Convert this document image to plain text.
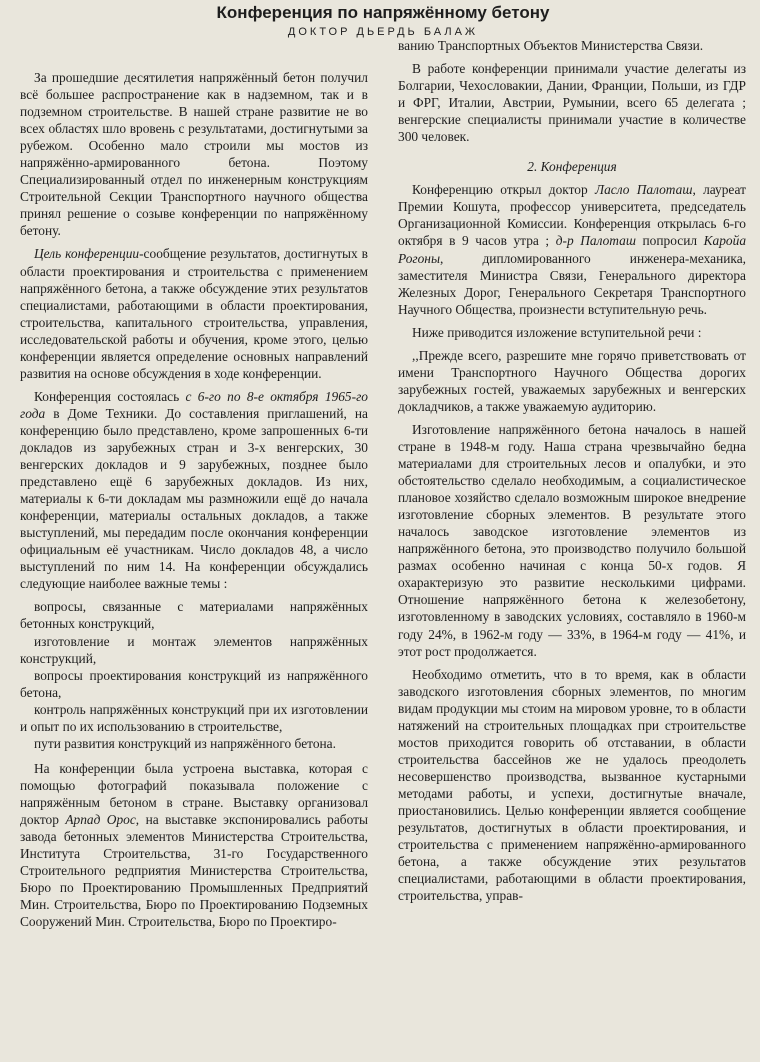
Конференция по напряжённому бетону
ДОКТОР ДЬЕРДЬ БАЛАЖ

За прошедшие десятилетия напряжённый бетон получил всё большее распространение как в надземном, так и в подземном строительстве. В нашей стране развитие не во всех областях шло вровень с результатами, достигнутыми за рубежом. Особенно мало строили мы мостов из напряжённо-армированного бетона. Поэтому Специализированный отдел по инженерным конструкциям Строительной Секции Транспортного научного общества принял решение о созыве конференции по напряжённому бетону.

Цель конференции-сообщение результатов, достигнутых в области проектирования и строительства с применением напряжённого бетона, а также обсуждение этих результатов специалистами, работающими в области проектирования, строительства, капитального строительства, управления, исследовательской работы и обучения, кроме этого, целью конференции является определение основных направлений развития на основе обсуждения в ходе конференции.

Конференция состоялась с 6-го по 8-е октября 1965-го года в Доме Техники. До составления приглашений, на конференцию было представлено, кроме запрошенных 6-ти докладов из зарубежных стран и 3-х венгерских, 30 венгерских докладов и 9 зарубежных, позднее было представлено ещё 6 зарубежных докладов. Из них, материалы к 6-ти докладам мы размножили ещё до начала конференции, материалы остальных докладов, а также выступлений, мы передадим после окончания конференции официальным её участникам. Число докладов 48, а число выступлений по ним 14. На конференции обсуждались следующие наиболее важные темы :

вопросы, связанные с материалами напряжённых бетонных конструкций,

изготовление и монтаж элементов напряжённых конструкций,

вопросы проектирования конструкций из напряжённого бетона,

контроль напряжённых конструкций при их изготовлении и опыт по их использованию в строительстве,

пути развития конструкций из напряжённого бетона.

На конференции была устроена выставка, которая с помощью фотографий показывала положение с напряжённым бетоном в стране. Выставку организовал доктор Арпад Орос, на выставке экспонировались работы завода бетонных элементов Министерства Строительства, Института Строительства, 31-го Государственного Строительного редприятия Министерства Строительства, Бюро по Проектированию Промышленных Предприятий Мин. Строительства, Бюро по Проектированию Подземных Сооружений Мин. Строительства, Бюро по Проектиро-

ванию Транспортных Объектов Министерства Связи.

В работе конференции принимали участие делегаты из Болгарии, Чехословакии, Дании, Франции, Польши, из ГДР и ФРГ, Италии, Австрии, Румынии, всего 65 делегата ; венгерские специалисты принимали участие в количестве 300 человек.

2. Конференция

Конференцию открыл доктор Ласло Палоташ, лауреат Премии Кошута, профессор университета, председатель Организационной Комиссии. Конференция открылась 6-го октября в 9 часов утра ; д-р Палоташ попросил Каройа Рогоны, дипломированного инженера-механика, заместителя Министра Связи, Генерального директора Железных Дорог, Генерального Секретаря Транспортного Научного Общества, произнести вступительную речь.

Ниже приводится изложение вступительной речи :

,,Прежде всего, разрешите мне горячо приветствовать от имени Транспортного Научного Общества дорогих зарубежных гостей, уважаемых зарубежных и венгерских докладчиков, а также уважаемую аудиторию.

Изготовление напряжённого бетона началось в нашей стране в 1948-м году. Наша страна чрезвычайно бедна материалами для строительных лесов и опалубки, и это обстоятельство сделало необходимым, а социалистическое плановое хозяйство сделало возможным широкое внедрение изготовление сборных элементов. В результате этого началось заводское изготовление элементов из напряжённого бетона, это производство получило большой размах особенно начиная с конца 50-х годов. Я охарактеризую это развитие несколькими цифрами. Отношение напряжённого бетона к железобетону, изготовленному в заводских условиях, составляло в 1960-м году 24%, в 1962-м году — 33%, в 1964-м году — 41%, и этот рост продолжается.

Необходимо отметить, что в то время, как в области заводского изготовления сборных элементов, по многим видам продукции мы стоим на мировом уровне, то в области натяжений на строительных площадках при строительстве мостов приходится говорить об отставании, в области строительства бассейнов же не удалось преодолеть несовершенство производства, вызванное кустарными методами работы, и успехи, достигнутые вначале, приостановились. Целью конференции является сообщение результатов, достигнутых в области проектирования, и строительства с применением напряжённо-армированного бетона, а также обсуждение этих результатов специалистами, работающими в области проектирования, строительства, управ-
